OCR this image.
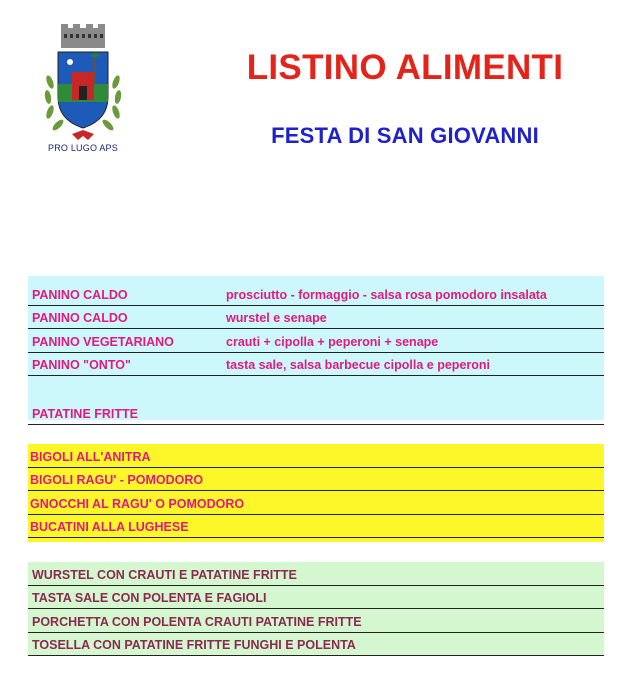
PRO LUGO APS
LISTINO ALIMENTI
FESTA DI SAN GIOVANNI
PANINO CALDO	prosciutto - formaggio - salsa rosa pomodoro insalata
PANINO CALDO	wurstel e senape
PANINO VEGETARIANO	crauti + cipolla + peperoni + senape
PANINO "ONTO"	tasta sale, salsa barbecue cipolla e peperoni
PATATINE FRITTE
BIGOLI ALL'ANITRA
BIGOLI RAGU' - POMODORO
GNOCCHI AL RAGU' O POMODORO
BUCATINI ALLA LUGHESE
WURSTEL CON CRAUTI E PATATINE FRITTE
TASTA SALE CON POLENTA E FAGIOLI
PORCHETTA CON POLENTA CRAUTI PATATINE FRITTE
TOSELLA CON PATATINE FRITTE FUNGHI E POLENTA
